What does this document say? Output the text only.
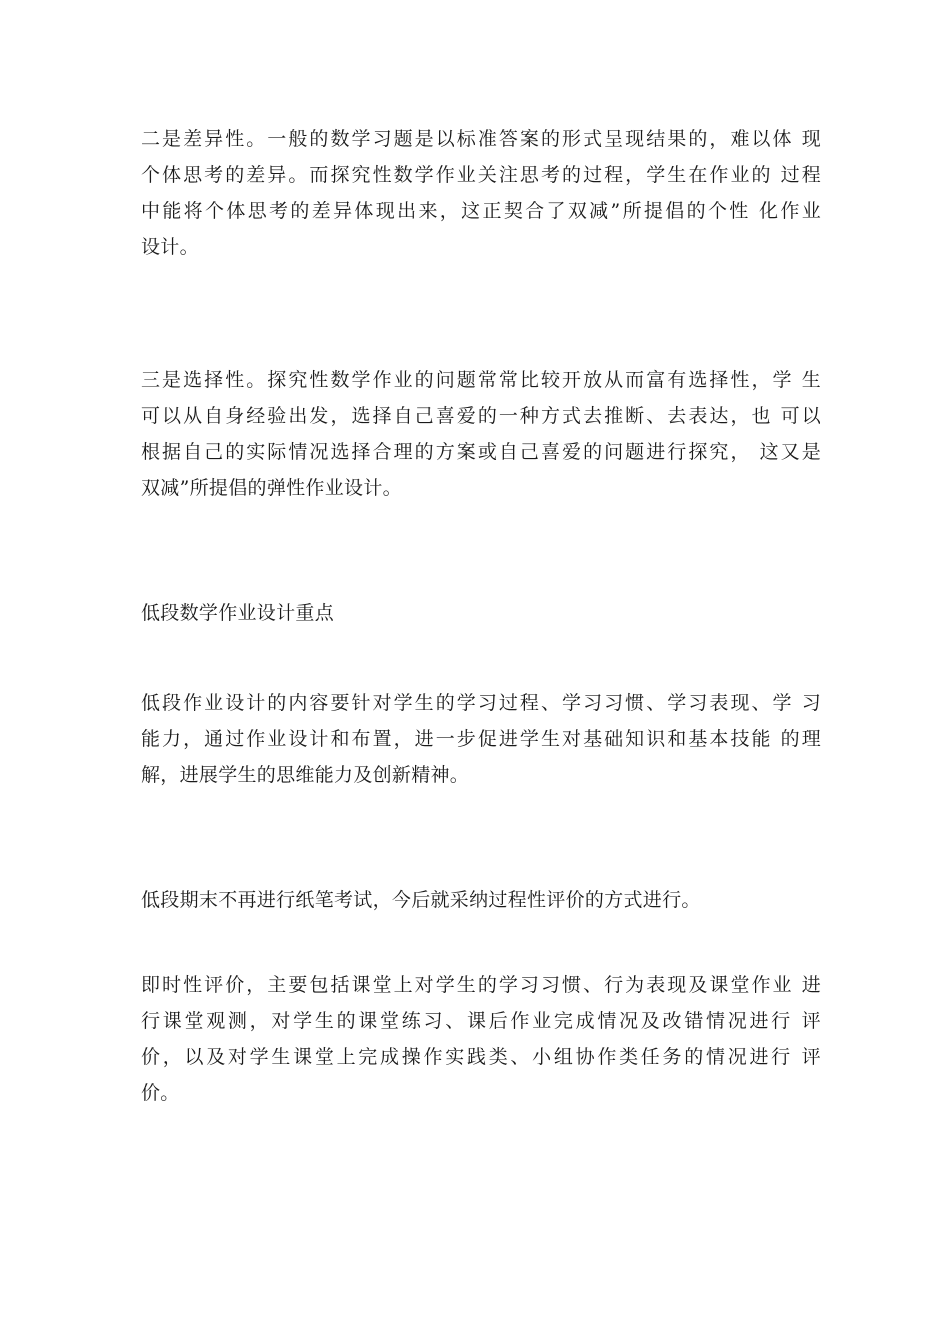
二是差异性。一般的数学习题是以标准答案的形式呈现结果的，难以体 现
个体思考的差异。而探究性数学作业关注思考的过程，学生在作业的 过程
中能将个体思考的差异体现出来，这正契合了双减”所提倡的个性 化作业
设计。

三是选择性。探究性数学作业的问题常常比较开放从而富有选择性，学 生
可以从自身经验出发，选择自己喜爱的一种方式去推断、去表达，也 可以
根据自己的实际情况选择合理的方案或自己喜爱的问题进行探究， 这又是
双减”所提倡的弹性作业设计。

低段数学作业设计重点

低段作业设计的内容要针对学生的学习过程、学习习惯、学习表现、学 习
能力，通过作业设计和布置，进一步促进学生对基础知识和基本技能 的理
解，进展学生的思维能力及创新精神。

低段期末不再进行纸笔考试，今后就采纳过程性评价的方式进行。

即时性评价，主要包括课堂上对学生的学习习惯、行为表现及课堂作业 进
行课堂观测，对学生的课堂练习、课后作业完成情况及改错情况进行 评
价，以及对学生课堂上完成操作实践类、小组协作类任务的情况进行 评
价。
